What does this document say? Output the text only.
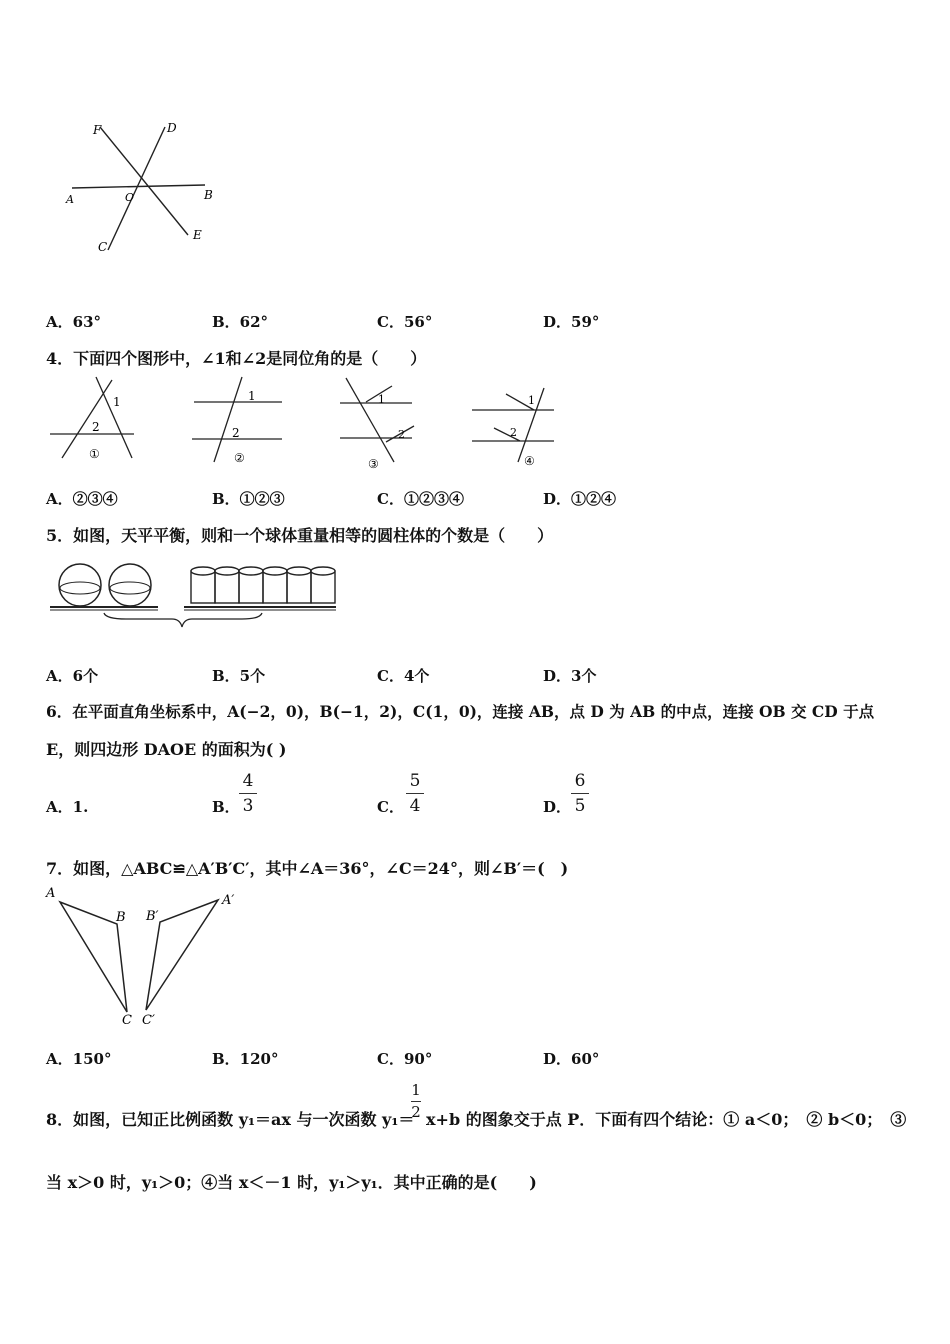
F	D
A	O	B
C
E
A．63°	B．62°	C．56°	D．59°
4．下面四个图形中，∠1和∠2是同位角的是（　　）
1
2
①
1
2
②
1
2
③
1
2
④
A．②③④	B．①②③	C．①②③④	D．①②④
5．如图，天平平衡，则和一个球体重量相等的圆柱体的个数是（　　）
A．6个	B．5个	C．4个	D．3个
6．在平面直角坐标系中，A(−2，0)，B(−1，2)，C(1，0)，连接 AB，点 D 为 AB 的中点，连接 OB 交 CD 于点
E，则四边形 DAOE 的面积为( )
A．1.	B．
4
3	C．
5
4	D．
6
5
7．如图，△ABC≌△A′B′C′，其中∠A＝36°，∠C＝24°，则∠B′＝(　)
A
B
C
A′
B′
C′
A．150°	B．120°	C．90°	D．60°
8．如图，已知正比例函数 y₁＝ax 与一次函数 y₁＝
1
2 x+b 的图象交于点 P．下面有四个结论：① a＜0；　② b＜0；　③
当 x＞0 时，y₁＞0；④当 x＜－1 时，y₁＞y₁．其中正确的是(　　)
